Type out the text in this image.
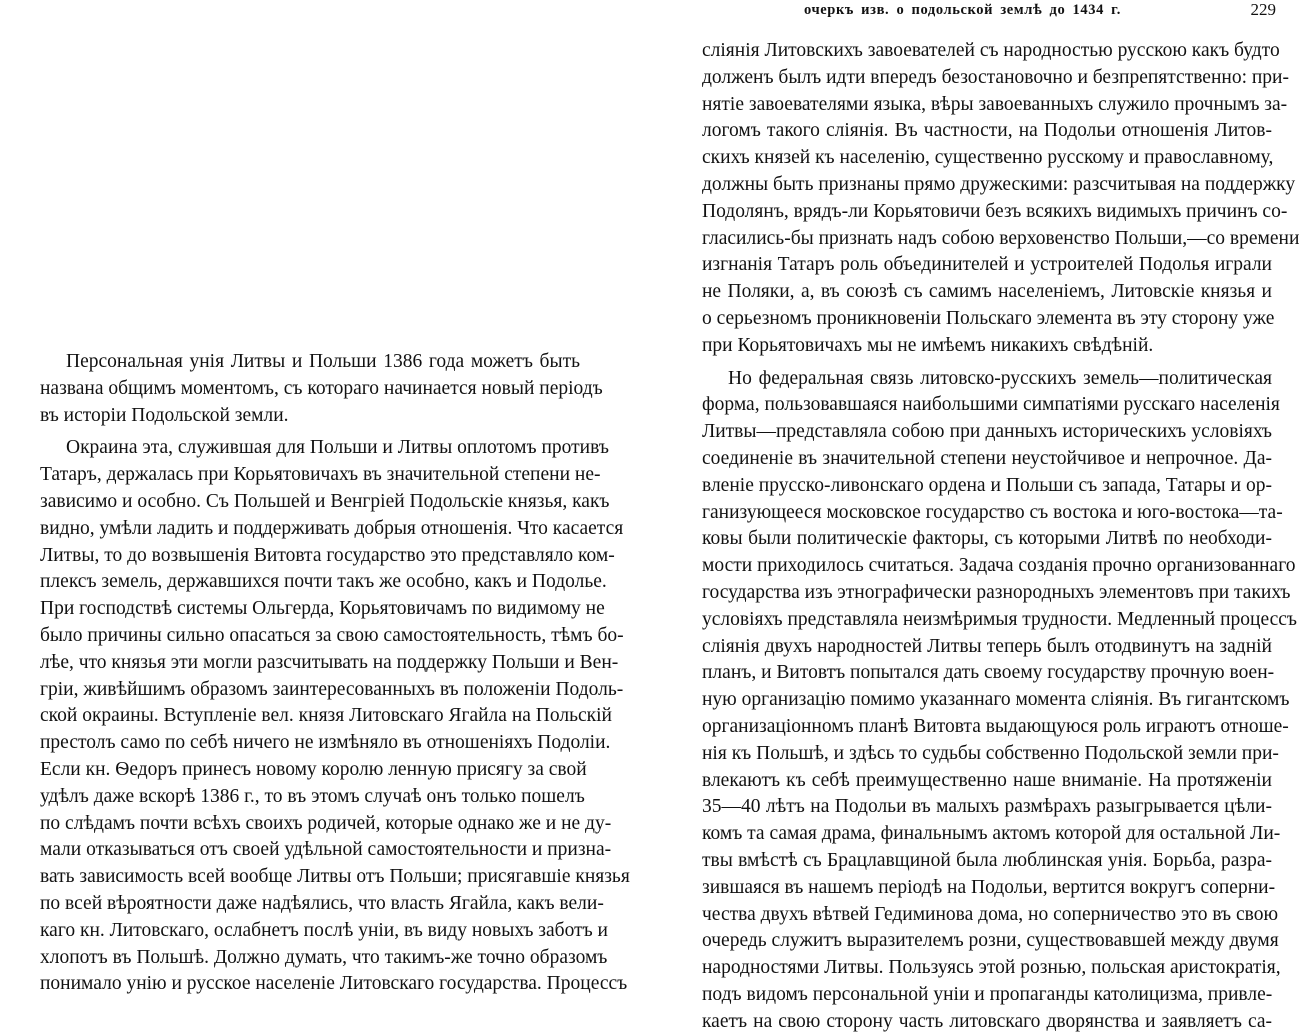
Персональная унiя Литвы и Польши 1386 года можетъ быть
названа общимъ моментомъ, съ котораго начинается новый перiодъ
въ исторiи Подольской земли.
Окраина эта, служившая для Польши и Литвы оплотомъ противъ
Татаръ, держалась при Корьятовичахъ въ значительной степени не-
зависимо и особно. Съ Польшей и Венгрiей Подольскiе князья, какъ
видно, умѣли ладить и поддерживать добрыя отношенiя. Что касается
Литвы, то до возвышенiя Витовта государство это представляло ком-
плексъ земель, державшихся почти такъ же особно, какъ и Подолье.
При господствѣ системы Ольгерда, Корьятовичамъ по видимому не
было причины сильно опасаться за свою самостоятельность, тѣмъ бо-
лѣе, что князья эти могли разсчитывать на поддержку Польши и Вен-
грiи, живѣйшимъ образомъ заинтересованныхъ въ положенiи Подоль-
ской окраины. Вступленiе вел. князя Литовскаго Ягайла на Польскiй
престолъ само по себѣ ничего не измѣняло въ отношенiяхъ Подолiи.
Если кн. Ѳедоръ принесъ новому королю ленную присягу за свой
удѣлъ даже вскорѣ 1386 г., то въ этомъ случаѣ онъ только пошелъ
по слѣдамъ почти всѣхъ своихъ родичей, которые однако же и не ду-
мали отказываться отъ своей удѣльной самостоятельности и призна-
вать зависимость всей вообще Литвы отъ Польши; присягавшiе князья
по всей вѣроятности даже надѣялись, что власть Ягайла, какъ вели-
каго кн. Литовскаго, ослабнетъ послѣ унiи, въ виду новыхъ заботъ и
хлопотъ въ Польшѣ. Должно думать, что такимъ-же точно образомъ
понимало унiю и русское населенiе Литовскаго государства. Процессъ
очеркъ изв. о подольской землѣ до 1434 г.	229
слiянiя Литовскихъ завоевателей съ народностью русскою какъ будто
долженъ былъ идти впередъ безостановочно и безпрепятственно: при-
нятiе завоевателями языка, вѣры завоеванныхъ служило прочнымъ за-
логомъ такого слiянiя. Въ частности, на Подольи отношенiя Литов-
скихъ князей къ населенiю, существенно русскому и православному,
должны быть признаны прямо дружескими: разсчитывая на поддержку
Подолянъ, врядъ-ли Корьятовичи безъ всякихъ видимыхъ причинъ со-
гласились-бы признать надъ собою верховенство Польши,—со времени
изгнанiя Татаръ роль объединителей и устроителей Подолья играли
не Поляки, а, въ союзѣ съ самимъ населенiемъ, Литовскiе князья и
о серьезномъ проникновенiи Польскаго элемента въ эту сторону уже
при Корьятовичахъ мы не имѣемъ никакихъ свѣдѣнiй.
Но федеральная связь литовско-русскихъ земель—политическая
форма, пользовавшаяся наибольшими симпатiями русскаго населенiя
Литвы—представляла собою при данныхъ историческихъ условiяхъ
соединенiе въ значительной степени неустойчивое и непрочное. Да-
вленiе прусско-ливонскаго ордена и Польши съ запада, Татары и ор-
ганизующееся московское государство съ востока и юго-востока—та-
ковы были политическiе факторы, съ которыми Литвѣ по необходи-
мости приходилось считаться. Задача созданiя прочно организованнаго
государства изъ этнографически разнородныхъ элементовъ при такихъ
условiяхъ представляла неизмѣримыя трудности. Медленный процессъ
слiянiя двухъ народностей Литвы теперь былъ отодвинутъ на заднiй
планъ, и Витовтъ попытался дать своему государству прочную воен-
ную организацiю помимо указаннаго момента слiянiя. Въ гигантскомъ
организацiонномъ планѣ Витовта выдающуюся роль играютъ отноше-
нiя къ Польшѣ, и здѣсь то судьбы собственно Подольской земли при-
влекаютъ къ себѣ преимущественно наше вниманiе. На протяженiи
35—40 лѣтъ на Подольи въ малыхъ размѣрахъ разыгрывается цѣли-
комъ та самая драма, финальнымъ актомъ которой для остальной Ли-
твы вмѣстѣ съ Брацлавщиной была люблинская унiя. Борьба, разра-
зившаяся въ нашемъ перiодѣ на Подольи, вертится вокругъ соперни-
чества двухъ вѣтвей Гедиминова дома, но соперничество это въ свою
очередь служитъ выразителемъ розни, существовавшей между двумя
народностями Литвы. Пользуясь этой рознью, польская аристократiя,
подъ видомъ персональной унiи и пропаганды католицизма, привле-
каетъ на свою сторону часть литовскаго дворянства и заявляетъ са-
